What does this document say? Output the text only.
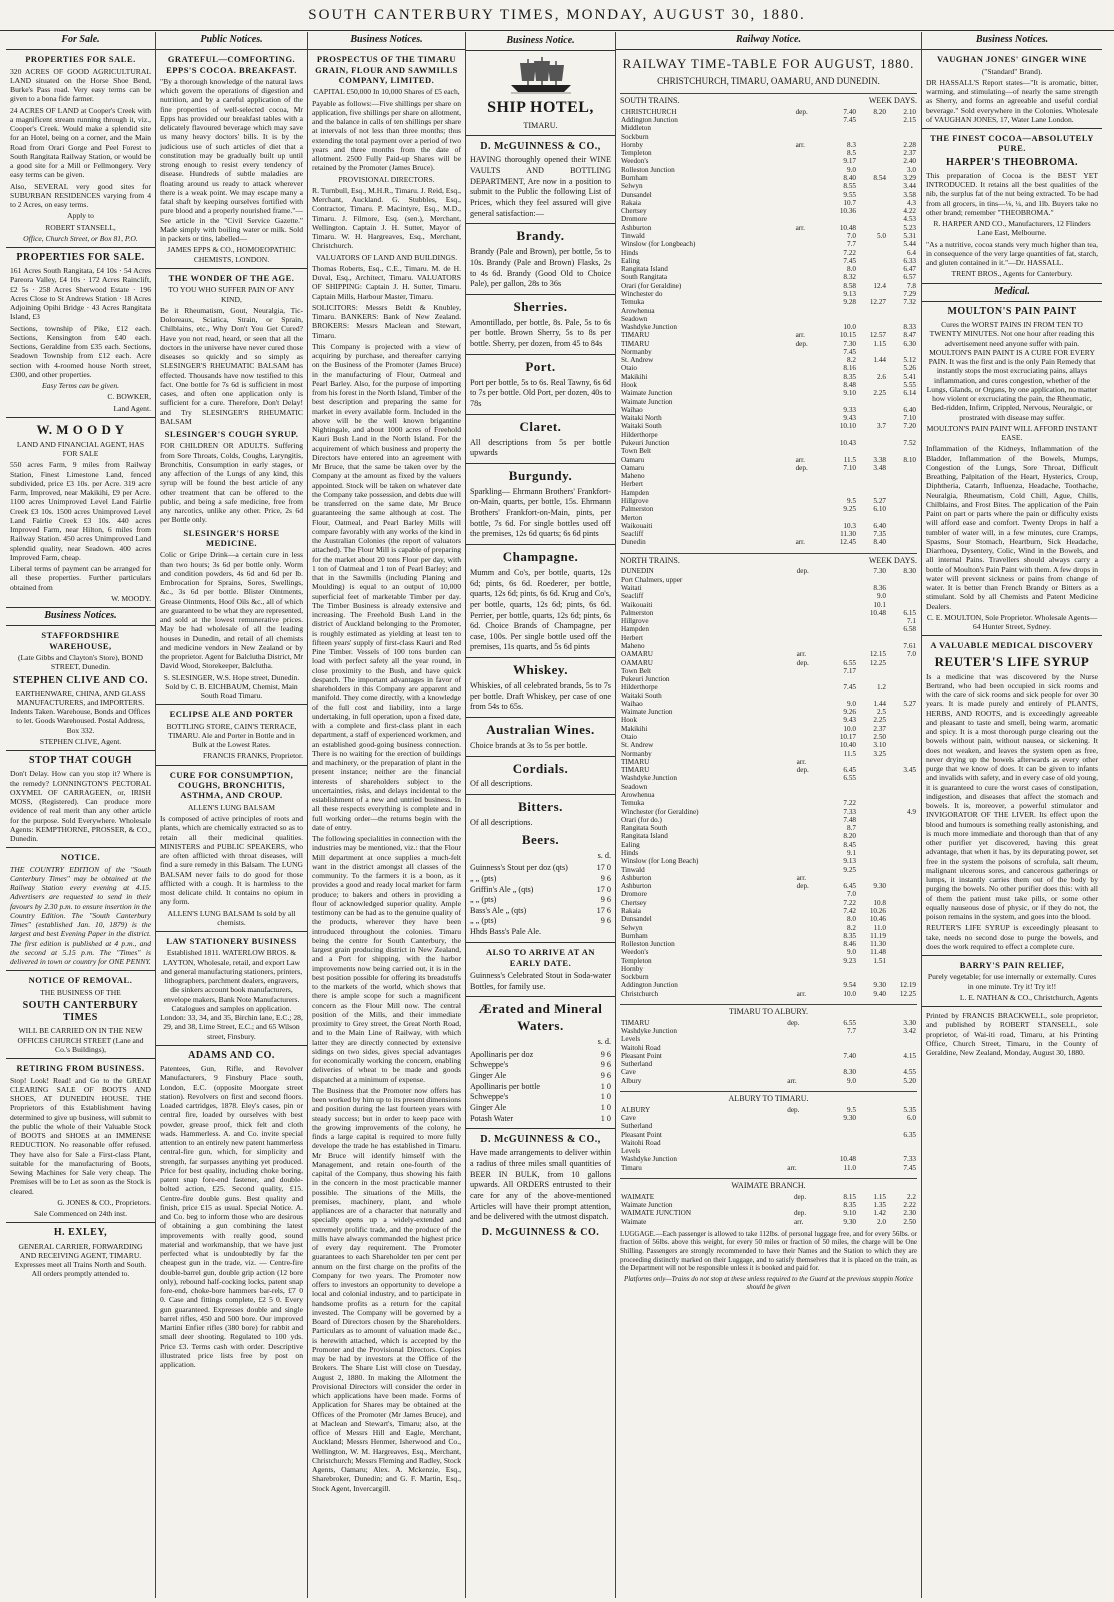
SOUTH CANTERBURY TIMES, MONDAY, AUGUST 30, 1880.
For Sale.
PROPERTIES FOR SALE.

320 ACRES OF GOOD AGRICULTURAL LAND situated on the Horse Shoe Bend, Burke's Pass road. Very easy terms can be given to a bona fide farmer.

24 ACRES OF LAND at Cooper's Creek with a magnificent stream running through it, viz., Cooper's Creek. Would make a splendid site for an Hotel, being on a corner, and the Main Road from Orari Gorge and Peel Forest to South Rangitata Railway Station, or would be a good site for a Mill or Fellmongery. Very easy terms can be given.

Also, SEVERAL very good sites for SUBURBAN RESIDENCES varying from 4 to 2 Acres, on easy terms.

Apply to

ROBERT STANSELL,

Office, Church Street, or Box 81, P.O.

PROPERTIES FOR SALE.

161 Acres South Rangitata, £4 10s · 54 Acres Pareora Valley, £4 10s · 172 Acres Rainclift, £2 5s · 258 Acres Sherwood Estate · 196 Acres Close to St Andrews Station · 18 Acres Adjoining Opihi Bridge · 43 Acres Rangitata Island, £3

Sections, township of Pike, £12 each. Sections, Kensington from £40 each. Sections, Geraldine from £35 each. Sections, Seadown Township from £12 each. Acre section with 4-roomed house North street, £300, and other properties.

Easy Terms can be given.

C. BOWKER,

Land Agent.

W. M O O D Y

LAND AND FINANCIAL AGENT, HAS FOR SALE

550 acres Farm, 9 miles from Railway Station, Finest Limestone Land, fenced subdivided, price £3 10s. per Acre. 319 acre Farm, Improved, near Makikihi, £9 per Acre. 1100 acres Unimproved Level Land Fairlie Creek £3 10s. 1500 acres Unimproved Level Land Fairlie Creek £3 10s. 440 acres Improved Farm, near Hilton, 6 miles from Railway Station. 450 acres Unimproved Land splendid quality, near Seadown. 400 acres Improved Farm, cheap.

Liberal terms of payment can be arranged for all these properties. Further particulars obtained from

W. MOODY.

Business Notices.
STAFFORDSHIRE WAREHOUSE,

(Late Gibbs and Clayton's Store), BOND STREET, Dunedin.

STEPHEN CLIVE AND CO.

EARTHENWARE, CHINA, AND GLASS MANUFACTURERS, and IMPORTERS. Indents Taken. Warehouse, Bonds and Offices to let. Goods Warehoused. Postal Address, Box 332.

STEPHEN CLIVE, Agent.

STOP THAT COUGH

Don't Delay. How can you stop it? Where is the remedy? LONNINGTON'S PECTORAL OXYMEL OF CARRAGEEN, or, IRISH MOSS, (Registered). Can produce more evidence of real merit than any other article for the purpose. Sold Everywhere. Wholesale Agents: KEMPTHORNE, PROSSER, & CO., Dunedin.

NOTICE.

THE COUNTRY EDITION of the "South Canterbury Times" may be obtained at the Railway Station every evening at 4.15. Advertisers are requested to send in their favours by 2.30 p.m. to ensure insertion in the Country Edition. The "South Canterbury Times" (established Jan. 10, 1879) is the largest and best Evening Paper in the district. The first edition is published at 4 p.m., and the second at 5.15 p.m. The "Times" is delivered in town or country for ONE PENNY.

NOTICE OF REMOVAL.

THE BUSINESS OF THE

SOUTH CANTERBURY TIMES

WILL BE CARRIED ON IN THE NEW OFFICES CHURCH STREET (Lane and Co.'s Buildings),

RETIRING FROM BUSINESS.

Stop! Look! Read! and Go to the GREAT CLEARING SALE OF BOOTS AND SHOES, AT DUNEDIN HOUSE. THE Proprietors of this Establishment having determined to give up business, will submit to the public the whole of their Valuable Stock of BOOTS and SHOES at an IMMENSE REDUCTION. No reasonable offer refused. They have also for Sale a First-class Plant, suitable for the manufacturing of Boots, Sewing Machines for Sale very cheap. The Premises will be to Let as soon as the Stock is cleared.

G. JONES & CO., Proprietors.

Sale Commenced on 24th inst.

H. EXLEY,

GENERAL CARRIER, FORWARDING AND RECEIVING AGENT, TIMARU. Expresses meet all Trains North and South. All orders promptly attended to.

Public Notices.
GRATEFUL—COMFORTING. EPPS'S COCOA. BREAKFAST.

"By a thorough knowledge of the natural laws which govern the operations of digestion and nutrition, and by a careful application of the fine properties of well-selected cocoa, Mr Epps has provided our breakfast tables with a delicately flavoured beverage which may save us many heavy doctors' bills. It is by the judicious use of such articles of diet that a constitution may be gradually built up until strong enough to resist every tendency of disease. Hundreds of subtle maladies are floating around us ready to attack wherever there is a weak point. We may escape many a fatal shaft by keeping ourselves fortified with pure blood and a properly nourished frame."—See article in the "Civil Service Gazette." Made simply with boiling water or milk. Sold in packets or tins, labelled—

JAMES EPPS & CO., HOMOEOPATHIC CHEMISTS, LONDON.

THE WONDER OF THE AGE.

TO YOU WHO SUFFER PAIN OF ANY KIND,

Be it Rheumatism, Gout, Neuralgia, Tic-Doloreaux, Sciatica, Strain, or Sprain, Chilblains, etc., Why Don't You Get Cured? Have you not read, heard, or seen that all the doctors in the universe have never cured those diseases so quickly and so simply as SLESINGER'S RHEUMATIC BALSAM has effected. Thousands have now testified to this fact. One bottle for 7s 6d is sufficient in most cases, and often one application only is sufficient for a cure. Therefore, Don't Delay! and Try SLESINGER'S RHEUMATIC BALSAM

SLESINGER'S COUGH SYRUP.

FOR CHILDREN OR ADULTS. Suffering from Sore Throats, Colds, Coughs, Laryngitis, Bronchitis, Consumption in early stages, or any affection of the Lungs of any kind, this syrup will be found the best article of any other treatment that can be offered to the public, and being a safe medicine, free from any narcotics, unlike any other. Price, 2s 6d per Bottle only.

SLESINGER'S HORSE MEDICINE.

Colic or Gripe Drink—a certain cure in less than two hours; 3s 6d per bottle only. Worm and condition powders, 4s 6d and 6d per lb. Embrocation for Sprains, Sores, Swellings, &c., 3s 6d per bottle. Blister Ointments, Grease Ointments, Hoof Oils &c., all of which are guaranteed to be what they are represented, and sold at the lowest remunerative prices. May be had wholesale of all the leading houses in Dunedin, and retail of all chemists and medicine vendors in New Zealand or by the proprietor. Agent for Balclutha District, Mr David Wood, Storekeeper, Balclutha.

S. SLESINGER, W.S. Hope street, Dunedin. Sold by C. B. EICHBAUM, Chemist, Main South Road Timaru.

ECLIPSE ALE AND PORTER

BOTTLING STORE, CAIN'S TERRACE, TIMARU. Ale and Porter in Bottle and in Bulk at the Lowest Rates.

FRANCIS FRANKS, Proprietor.

CURE FOR CONSUMPTION, COUGHS, BRONCHITIS, ASTHMA, AND CROUP.

ALLEN'S LUNG BALSAM

Is composed of active principles of roots and plants, which are chemically extracted so as to retain all their medicinal qualities. MINISTERS and PUBLIC SPEAKERS, who are often afflicted with throat diseases, will find a sure remedy in this Balsam. The LUNG BALSAM never fails to do good for those afflicted with a cough. It is harmless to the most delicate child. It contains no opium in any form.

ALLEN'S LUNG BALSAM Is sold by all chemists.

LAW STATIONERY BUSINESS

Established 1811. WATERLOW BROS. & LAYTON, Wholesale, retail, and export Law and general manufacturing stationers, printers, lithographers, parchment dealers, engravers, die sinkers account book manufacturers, envelope makers, Bank Note Manufacturers. Catalogues and samples on application. London: 33, 34, and 35, Birchin lane, E.C.; 28, 29, and 38, Lime Street, E.C.; and 65 Wilson street, Finsbury.

ADAMS AND CO.

Patentees, Gun, Rifle, and Revolver Manufacturers, 9 Finsbury Place south, London, E.C. (opposite Moorgate street station). Revolvers on first and second floors. Loaded cartridges, 1878. Eley's cases, pin or central fire, loaded by ourselves with best powder, grease proof, thick felt and cloth wads. Hammerless. A. and Co. invite special attention to an entirely new patent hammerless central-fire gun, which, for simplicity and strength, far surpasses anything yet produced. Price for best quality, including choke boring, patent snap fore-end fastener, and double-bolted action, £25. Second quality, £15. Centre-fire double guns. Best quality and finish, price £15 as usual. Special Notice. A. and Co. beg to inform those who are desirous of obtaining a gun combining the latest improvements with really good, sound material and workmanship, that we have just perfected what is undoubtedly by far the cheapest gun in the trade, viz. — Centre-fire double-barrel gun, double grip action (12 bore only), rebound half-cocking locks, patent snap fore-end, choke-bore hammers bar-rels, £7 0 0. Case and fittings complete, £2 5 0. Every gun guaranteed. Expresses double and single barrel rifles, 450 and 500 bore. Our improved Martini Enfier rifles (380 bore) for rabbit and small deer shooting. Regulated to 100 yds. Price £3. Terms cash with order. Descriptive illustrated price lists free by post on application.

Business Notices.
PROSPECTUS OF THE TIMARU GRAIN, FLOUR AND SAWMILLS COMPANY, LIMITED.

CAPITAL £50,000 In 10,000 Shares of £5 each,

Payable as follows:—Five shillings per share on application, five shillings per share on allotment, and the balance in calls of ten shillings per share at intervals of not less than three months; thus extending the total payment over a period of two years and three months from the date of allotment. 2500 Fully Paid-up Shares will be retained by the Promoter (James Bruce).

PROVISIONAL DIRECTORS.

R. Turnbull, Esq., M.H.R., Timaru. J. Reid, Esq., Merchant, Auckland. G. Stubbles, Esq., Contractor, Timaru. P. Macintyre, Esq., M.D., Timaru. J. Filmore, Esq. (sen.), Merchant, Wellington. Captain J. H. Sutter, Mayor of Timaru. W. H. Hargreaves, Esq., Merchant, Christchurch.

VALUATORS OF LAND AND BUILDINGS.

Thomas Roberts, Esq., C.E., Timaru. M. de H. Duval, Esq., Architect, Timaru. VALUATORS OF SHIPPING: Captain J. H. Sutter, Timaru. Captain Mills, Harbour Master, Timaru.

SOLICITORS: Messrs Beldt & Knubley, Timaru. BANKERS: Bank of New Zealand. BROKERS: Messrs Maclean and Stewart, Timaru.

This Company is projected with a view of acquiring by purchase, and thereafter carrying on the Business of the Promoter (James Bruce) in the manufacturing of Flour, Oatmeal and Pearl Barley. Also, for the purpose of importing from his forest in the North Island, Timber of the best description and preparing the same for market in every available form. Included in the above will be the well known brigantine Nightingale, and about 1000 acres of Freehold Kauri Bush Land in the North Island. For the acquirement of which business and property the Directors have entered into an agreement with Mr Bruce, that the same be taken over by the Company at the amount as fixed by the valuers appointed. Stock will be taken on whatever date the Company take possession, and debts due will be transferred on the same date, Mr Bruce guaranteeing the same although at cost. The Flour, Oatmeal, and Pearl Barley Mills will compare favorably with any works of the kind in the Australian Colonies (the report of valuators attached). The Flour Mill is capable of preparing for the market about 20 tons Flour per day, with 1 ton of Oatmeal and 1 ton of Pearl Barley; and that in the Sawmills (including Planing and Moulding) is equal to an output of 10,000 superficial feet of marketable Timber per day. The Timber Business is already extensive and increasing. The Freehold Bush Land in the district of Auckland belonging to the Promoter, is roughly estimated as yielding at least ten to fifteen years' supply of first-class Kauri and Red Pine Timber. Vessels of 100 tons burden can load with perfect safety all the year round, in close proximity to the Bush, and have quick despatch. The important advantages in favor of shareholders in this Company are apparent and manifold. They come directly, with a knowledge of the full cost and liability, into a large undertaking, in full operation, upon a fixed date, with a complete and first-class plant in each department, a staff of experienced workmen, and an established good-going business connection. There is no waiting for the erection of buildings and machinery, or the preparation of plant in the present instance; neither are the financial interests of shareholders subject to the uncertainties, risks, and delays incidental to the establishment of a new and untried business. In all these respects everything is complete and in full working order—the returns begin with the date of entry.

The following specialities in connection with the industries may be mentioned, viz.: that the Flour Mill department at once supplies a much-felt want in the district amongst all classes of the community. To the farmers it is a boon, as it provides a good and ready local market for farm produce; to bakers and others in providing a flour of acknowledged superior quality. Ample testimony can be had as to the genuine quality of the products, wherever they have been introduced throughout the colonies. Timaru being the centre for South Canterbury, the largest grain producing district in New Zealand, and a Port for shipping, with the harbor improvements now being carried out, it is in the best position possible for offering its breadstuffs to the markets of the world, which shows that there is ample scope for such a magnificent concern as the Flour Mill now. The central position of the Mills, and their immediate proximity to Grey street, the Great North Road, and to the Main Line of Railway, with which latter they are directly connected by extensive sidings on two sides, gives special advantages for economically working the concern, enabling deliveries of wheat to be made and goods dispatched at a minimum of expense.

The Business that the Promoter now offers has been worked by him up to its present dimensions and position during the last fourteen years with steady success; but in order to keep pace with the growing improvements of the colony, he finds a large capital is required to more fully develope the trade he has established in Timaru. Mr Bruce will identify himself with the Management, and retain one-fourth of the capital of the Company, thus showing his faith in the concern in the most practicable manner possible. The situations of the Mills, the premises, machinery, plant, and whole appliances are of a character that naturally and specially opens up a widely-extended and extremely prolific trade, and the produce of the mills have always commanded the highest price of every day requirement. The Promoter guarantees to each Shareholder ten per cent per annum on the first charge on the profits of the Company for two years. The Promoter now offers to investors an opportunity to develope a local and colonial industry, and to participate in handsome profits as a return for the capital invested. The Company will be governed by a Board of Directors chosen by the Shareholders. Particulars as to amount of valuation made &c., is herewith attached, which is accepted by the Promoter and the Provisional Directors. Copies may be had by investors at the Office of the Brokers. The Share List will close on Tuesday, August 2, 1880. In making the Allotment the Provisional Directors will consider the order in which applications have been made. Forms of Application for Shares may be obtained at the Offices of the Promoter (Mr James Bruce), and at Maclean and Stewart's, Timaru; also, at the office of Messrs Hill and Eagle, Merchant, Auckland; Messrs Henmer, Isherwood and Co., Wellington, W. M. Hargreaves, Esq., Merchant, Christchurch; Messrs Fleming and Radley, Stock Agents, Oamaru; Alex. A. Mckenzie, Esq., Sharebroker, Dunedin; and G. F. Martin, Esq., Stock Agent, Invercargill.

Business Notice.
SHIP HOTEL,

TIMARU.

D. McGUINNESS & CO.,

HAVING thoroughly opened their WINE VAULTS AND BOTTLING DEPARTMENT, Are now in a position to submit to the Public the following List of Prices, which they feel assured will give general satisfaction:—

Brandy.

Brandy (Pale and Brown), per bottle, 5s to 10s. Brandy (Pale and Brown) Flasks, 2s to 4s 6d. Brandy (Good Old to Choice Pale), per gallon, 28s to 36s

Sherries.

Amontillado, per bottle, 8s. Pale, 5s to 6s per bottle. Brown Sherry, 5s to 8s per bottle. Sherry, per dozen, from 45 to 84s

Port.

Port per bottle, 5s to 6s. Real Tawny, 6s 6d to 7s per bottle. Old Port, per dozen, 40s to 78s

Claret.

All descriptions from 5s per bottle upwards

Burgundy.

Sparkling— Ehrmann Brothers' Frankfort-on-Main, quarts, per bottle, 15s. Ehrmann Brothers' Frankfort-on-Main, pints, per bottle, 7s 6d. For single bottles used off the premises, 12s 6d quarts; 6s 6d pints

Champagne.

Mumm and Co's, per bottle, quarts, 12s 6d; pints, 6s 6d. Roederer, per bottle, quarts, 12s 6d; pints, 6s 6d. Krug and Co's, per bottle, quarts, 12s 6d; pints, 6s 6d. Perrier, per bottle, quarts, 12s 6d; pints, 6s 6d. Choice Brands of Champagne, per case, 100s. Per single bottle used off the premises, 11s quarts, and 5s 6d pints

Whiskey.

Whiskies, of all celebrated brands, 5s to 7s per bottle. Draft Whiskey, per case of one from 54s to 65s.

Australian Wines.

Choice brands at 3s to 5s per bottle.

Cordials.

Of all descriptions.

Bitters.

Of all descriptions.

Beers.

s. d.

Guinness's Stout per doz (qts)	17 0
„ „ (pts)	9 6
Griffin's Ale „ (qts)	17 0
„ „ (pts)	9 6
Bass's Ale „ (qts)	17 6
„ „ (pts)	9 6
Hhds Bass's Pale Ale.
ALSO TO ARRIVE AT AN EARLY DATE.

Guinness's Celebrated Stout in Soda-water Bottles, for family use.

Ærated and Mineral Waters.

s. d.

Apollinaris per doz	9 6
Schweppe's	9 6
Ginger Ale	9 6
Apollinaris per bottle	1 0
Schweppe's	1 0
Ginger Ale	1 0
Potash Water	1 0
D. McGUINNESS & CO.,

Have made arrangements to deliver within a radius of three miles small quantities of BEER IN BULK, from 10 gallons upwards. All ORDERS entrusted to their care for any of the above-mentioned Articles will have their prompt attention, and be delivered with the utmost dispatch.

D. McGUINNESS & CO.
Railway Notice.
RAILWAY TIME-TABLE FOR AUGUST, 1880.
CHRISTCHURCH, TIMARU, OAMARU, AND DUNEDIN.
SOUTH TRAINS.	WEEK DAYS.
CHRISTCHURCH	dep.	7.40	8.20	2.10
Addington Junction		7.45		2.15
Middleton				
Sockburn				
Hornby	arr.	8.3		2.28
Templeton		8.5		2.37
Weedon's		9.17		2.40
Rolleston Junction		9.0		3.0
Burnham		8.40	8.54	3.29
Selwyn		8.55		3.44
Dunsandel		9.55		3.58
Rakaia		10.7		4.3
Chertsey		10.36		4.22
Dromore				4.53
Ashburton	arr.	10.48		5.23
Tinwald		7.0	5.0	5.31
Winslow (for Longbeach)		7.7		5.44
Hinds		7.22		6.4
Ealing		7.45		6.33
Rangitata Island		8.0		6.47
South Rangitata		8.32		6.57
Orari (for Geraldine)		8.58	12.4	7.8
Winchester do		9.13		7.29
Temuka		9.28	12.27	7.32
Arowhenua				
Seadown				
Washdyke Junction		10.0		8.33
TIMARU	arr.	10.15	12.57	8.47
TIMARU	dep.	7.30	1.15	6.30
Normanby		7.45		
St. Andrew		8.2	1.44	5.12
Otaio		8.16		5.26
Makikihi		8.35	2.6	5.41
Hook		8.48		5.55
Waimate Junction		9.10	2.25	6.14
Waimate Junction				
Waihao		9.33		6.40
Waitaki North		9.43		7.10
Waitaki South		10.10	3.7	7.20
Hilderthorpe				
Pukeuri Junction		10.43		7.52
Town Belt				
Oamaru	arr.	11.5	3.38	8.10
Oamaru	dep.	7.10	3.48	
Maheno				
Herbert				
Hampden				
Hillgrove		9.5	5.27	
Palmerston		9.25	6.10	
Merton				
Waikouaiti		10.3	6.40	
Seacliff		11.30	7.35	
Dunedin	arr.	12.45	8.40	
NORTH TRAINS.	WEEK DAYS.
DUNEDIN	dep.		7.30	8.30
Port Chalmers, upper				
Waitati			8.36	
Seacliff			9.0	
Waikouaiti			10.1	
Palmerston			10.48	6.15
Hillgrove				7.1
Hampden				6.58
Herbert				
Maheno				7.61
OAMARU	arr.		12.15	7.0
OAMARU	dep.	6.55	12.25	
Town Belt		7.17		
Pukeuri Junction				
Hilderthorpe		7.45	1.2	
Waitaki South				
Waihao		9.0	1.44	5.27
Waimate Junction		9.26	2.5	
Hook		9.43	2.25	
Makikihi		10.0	2.37	
Otaio		10.17	2.50	
St. Andrew		10.40	3.10	
Normanby		11.5	3.25	
TIMARU	arr.			
TIMARU	dep.	6.45		3.45
Washdyke Junction		6.55		
Seadown				
Arowhenua				
Temuka		7.22		
Winchester (for Geraldine)		7.33		4.9
Orari (for do.)		7.48		
Rangitata South		8.7		
Rangitata Island		8.20		
Ealing		8.45		
Hinds		9.1		
Winslow (for Long Beach)		9.13		
Tinwald		9.25		
Ashburton	arr.			
Ashburton	dep.	6.45	9.30	
Dromore		7.0		
Chertsey		7.22	10.8	
Rakaia		7.42	10.26	
Dunsandel		8.0	10.46	
Selwyn		8.2	11.0	
Burnham		8.35	11.19	
Rolleston Junction		8.46	11.30	
Weedon's		9.0	11.48	
Templeton		9.23	1.51	
Hornby				
Sockburn				
Addington Junction		9.54	9.30	12.19
Christchurch	arr.	10.0	9.40	12.25
TIMARU TO ALBURY.
TIMARU	dep.	6.55		3.30
Washdyke Junction		7.7		3.42
Levels				
Waitohi Road				
Pleasant Point		7.40		4.15
Sutherland				
Cave		8.30		4.55
Albury	arr.	9.0		5.20
ALBURY TO TIMARU.
ALBURY	dep.	9.5		5.35
Cave		9.30		6.0
Sutherland				
Pleasant Point				6.35
Waitohi Road				
Levels				
Washdyke Junction		10.48		7.33
Timaru	arr.	11.0		7.45
WAIMATE BRANCH.
WAIMATE	dep.	8.15	1.15	2.2
Waimate Junction		8.35	1.35	2.22
WAIMATE JUNCTION	dep.	9.10	1.42	2.30
Waimate	arr.	9.30	2.0	2.50

LUGGAGE.—Each passenger is allowed to take 112lbs. of personal luggage free, and for every 56lbs. or fraction of 56lbs. above this weight, for every 50 miles or fraction of 50 miles, the charge will be One Shilling. Passengers are strongly recommended to have their Names and the Station to which they are proceeding distinctly marked on their Luggage, and to satisfy themselves that it is placed on the train, as the Department will not be responsible unless it is booked and paid for.

Platforms only—Trains do not stop at these unless required to the Guard at the previous stoppin Notice should be given

Business Notices.
VAUGHAN JONES' GINGER WINE

("Standard" Brand).

DR HASSALL'S Report states—"It is aromatic, bitter, warming, and stimulating—of nearly the same strength as Sherry, and forms an agreeable and useful cordial beverage." Sold everywhere in the Colonies. Wholesale of VAUGHAN JONES, 17, Water Lane London.

THE FINEST COCOA—ABSOLUTELY PURE.
HARPER'S THEOBROMA.

This preparation of Cocoa is the BEST YET INTRODUCED. It retains all the best qualities of the nib, the surplus fat of the nut being extracted. To be had from all grocers, in tins—⅛, ¼, and 1lb. Buyers take no other brand; remember "THEOBROMA."

R. HARPER AND CO., Manufacturers, 12 Flinders Lane East, Melbourne.

"As a nutritive, cocoa stands very much higher than tea, in consequence of the very large quantities of fat, starch, and gluten contained in it."—Dr. HASSALL.

TRENT BROS., Agents for Canterbury.

Medical.
MOULTON'S PAIN PAINT

Cures the WORST PAINS IN FROM TEN TO TWENTY MINUTES. Not one hour after reading this advertisement need anyone suffer with pain. MOULTON'S PAIN PAINT IS A CURE FOR EVERY PAIN. It was the first and is the only Pain Remedy that instantly stops the most excruciating pains, allays inflammation, and cures congestion, whether of the Lungs, Glands, or Organs, by one application, no matter how violent or excruciating the pain, the Rheumatic, Bed-ridden, Infirm, Crippled, Nervous, Neuralgic, or prostrated with disease may suffer.

MOULTON'S PAIN PAINT WILL AFFORD INSTANT EASE.

Inflammation of the Kidneys, Inflammation of the Bladder, Inflammation of the Bowels, Mumps, Congestion of the Lungs, Sore Throat, Difficult Breathing, Palpitation of the Heart, Hysterics, Croup, Diphtheria, Catarrh, Influenza, Headache, Toothache, Neuralgia, Rheumatism, Cold Chill, Ague, Chills, Chilblains, and Frost Bites. The application of the Pain Paint on part or parts where the pain or difficulty exists will afford ease and comfort. Twenty Drops in half a tumbler of water will, in a few minutes, cure Cramps, Spasms, Sour Stomach, Heartburn, Sick Headache, Diarrhoea, Dysentery, Colic, Wind in the Bowels, and all internal Pains. Travellers should always carry a bottle of Moulton's Pain Paint with them. A few drops in water will prevent sickness or pains from change of water. It is better than French Brandy or Bitters as a stimulant. Sold by all Chemists and Patent Medicine Dealers.

C. E. MOULTON, Sole Proprietor. Wholesale Agents—64 Hunter Street, Sydney.

A VALUABLE MEDICAL DISCOVERY
REUTER'S LIFE SYRUP

Is a medicine that was discovered by the Nurse Bertrand, who had been occupied in sick rooms and with the care of sick rooms and sick people for over 30 years. It is made purely and entirely of PLANTS, HERBS, AND ROOTS, and is exceedingly agreeable and pleasant to taste and smell, being warm, aromatic and spicy. It is a most thorough purge clearing out the bowels without pain, without nausea, or sickening. It does not weaken, and leaves the system open as free, never drying up the bowels afterwards as every other purge that we know of does. It can be given to infants and invalids with safety, and in every case of old young, it is guaranteed to cure the worst cases of constipation, indigestion, and diseases that affect the stomach and bowels. It is, moreover, a powerful stimulator and INVIGORATOR OF THE LIVER. Its effect upon the blood and humours is something really astonishing, and is much more immediate and thorough than that of any other purifier yet discovered, having this great advantage, that when it has, by its depurating power, set free in the system the poisons of scrofula, salt rheum, malignant ulcerous sores, and cancerous gatherings or lumps, it instantly carries them out of the body by purging the bowels. No other purifier does this: with all of them the patient must take pills, or some other equally nauseous dose of physic, or if they do not, the poison remains in the system, and goes into the blood.

REUTER'S LIFE SYRUP is exceedingly pleasant to take, needs no second dose to purge the bowels, and does the work required to effect a complete cure.

BARRY'S PAIN RELIEF,

Purely vegetable; for use internally or externally. Cures in one minute. Try it! Try it!!

L. E. NATHAN & CO., Christchurch, Agents

Printed by FRANCIS BRACKWELL, sole proprietor, and published by ROBERT STANSELL, sole proprietor, of Wai-iti road, Timaru, at his Printing Office, Church Street, Timaru, in the County of Geraldine, New Zealand, Monday, August 30, 1880.
